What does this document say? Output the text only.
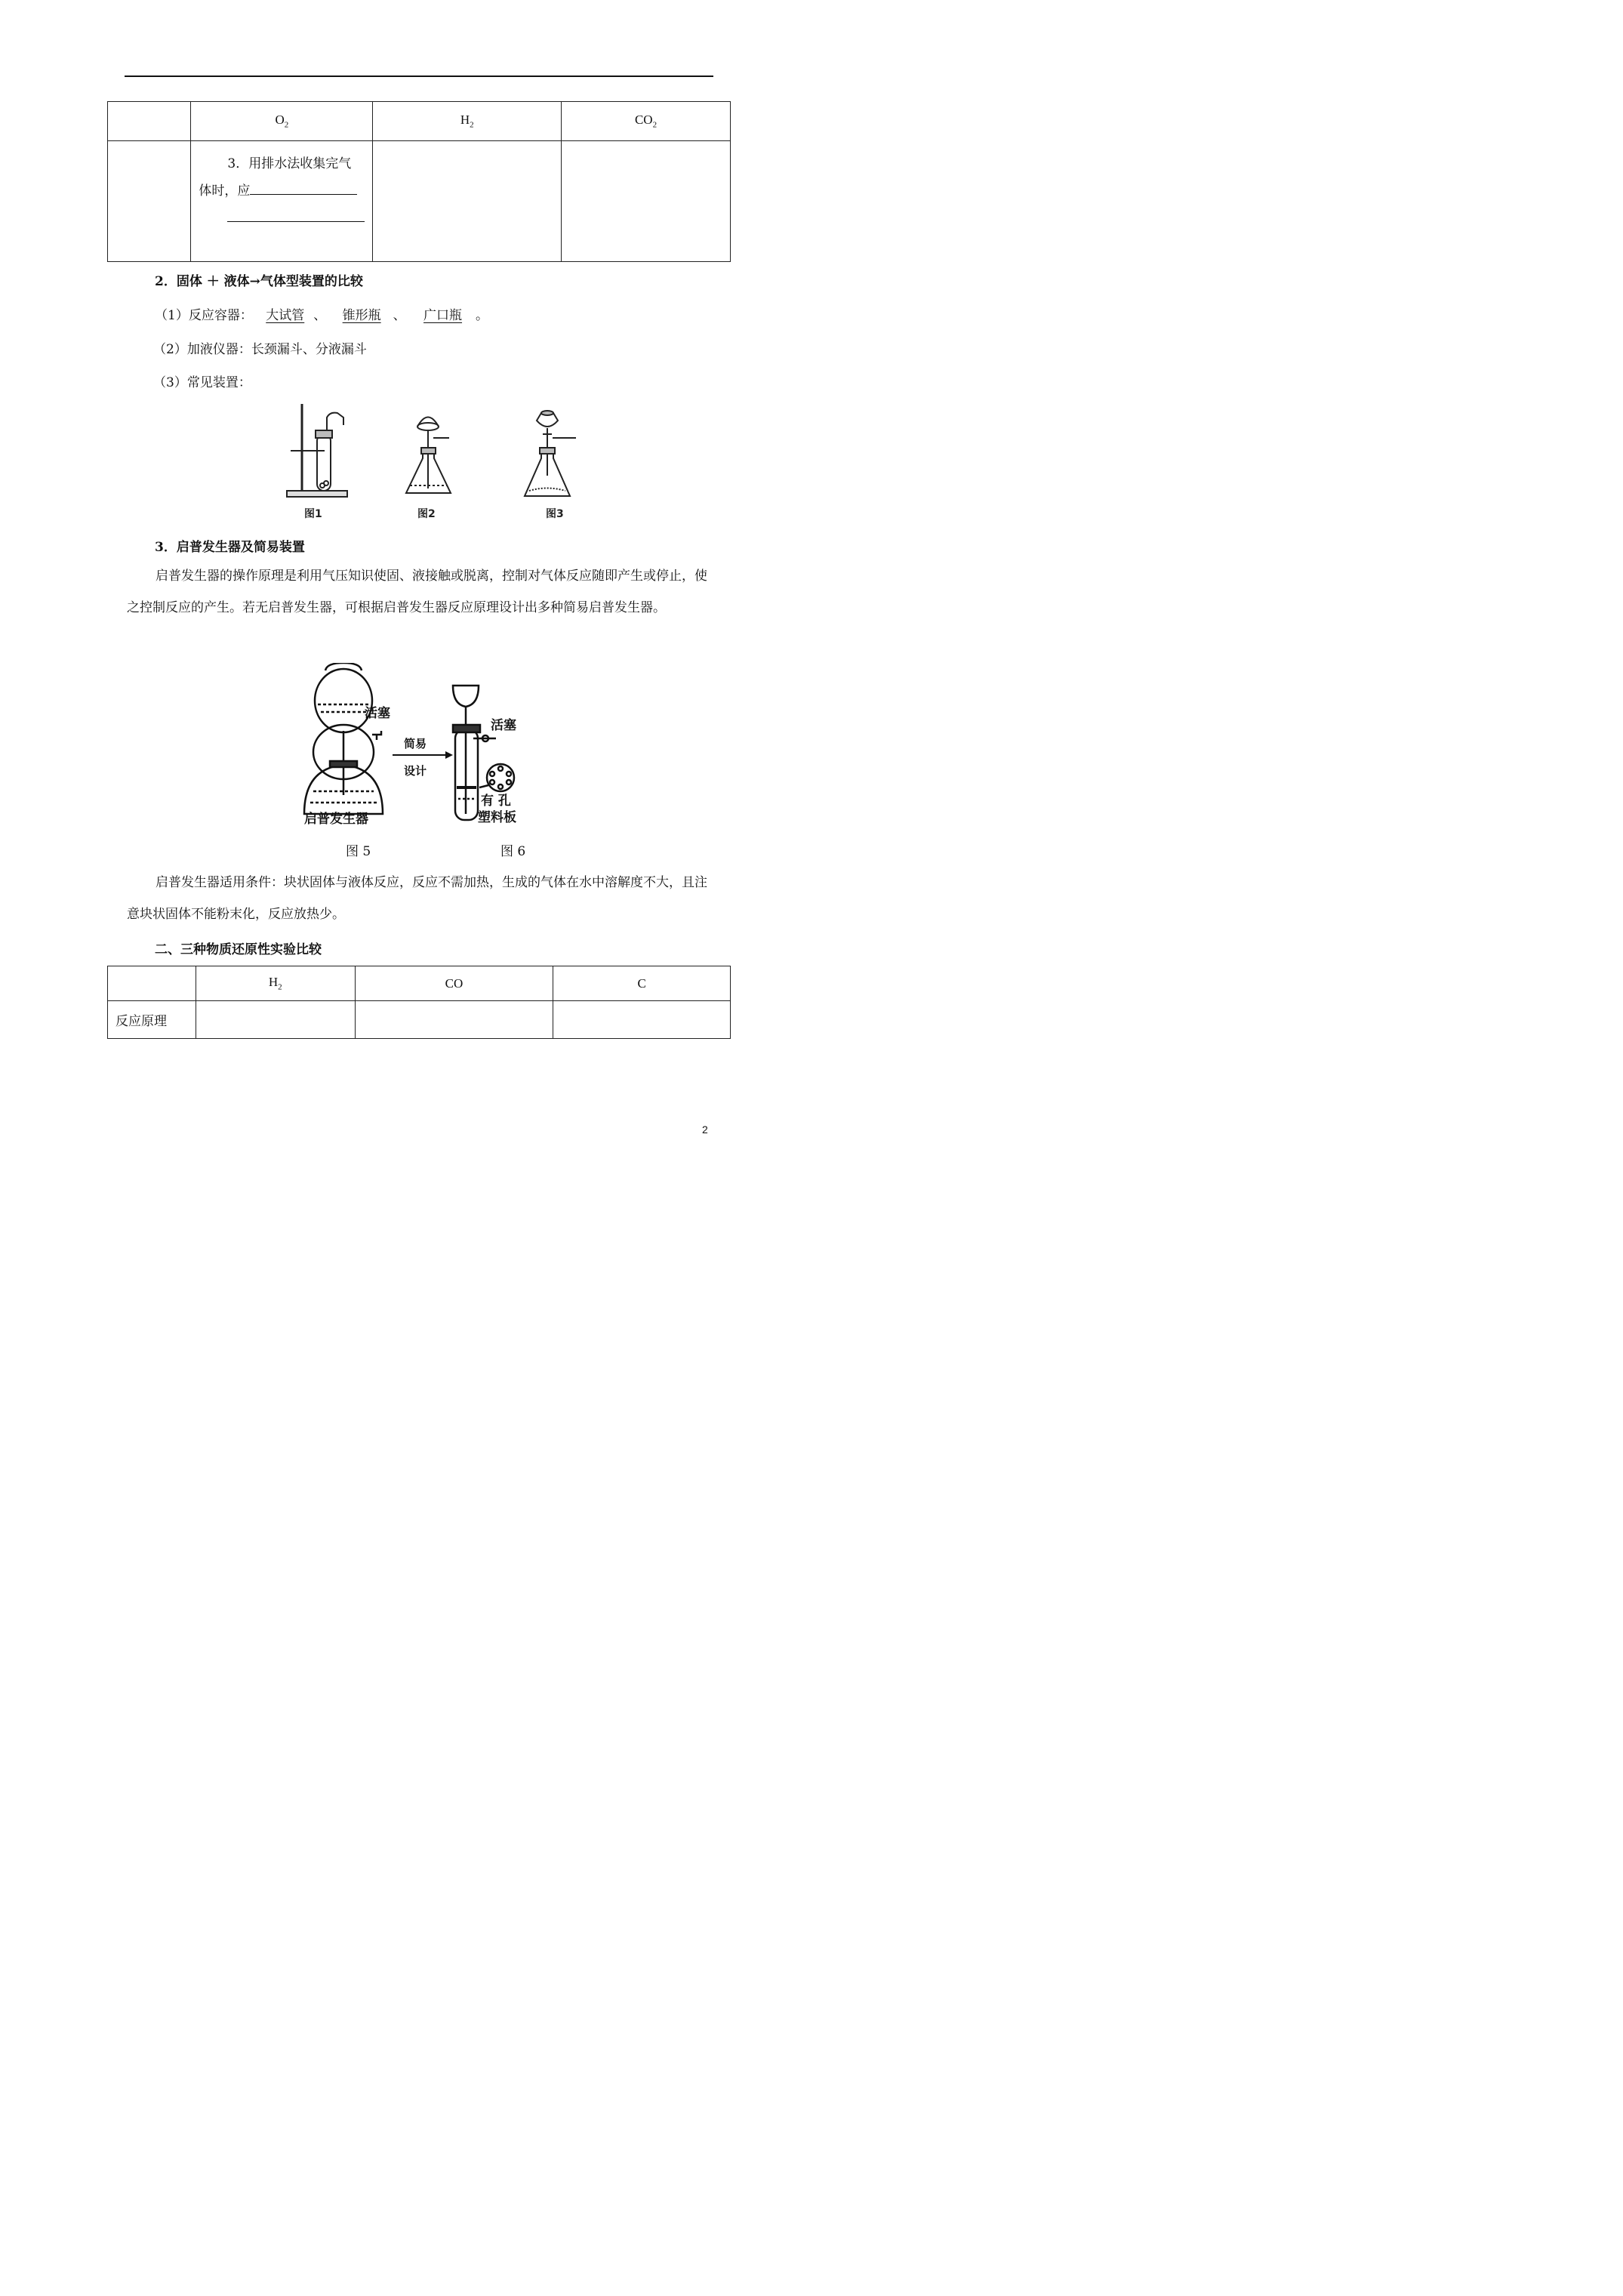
	$O_2$	$H_2$	$CO_2$

	3．用排水法收集完气
体时，应		

2．固体 ＋ 液体→气体型装置的比较
（1）反应容器： 大试管 、 锥形瓶 、 广口瓶 。
（2）加液仪器：长颈漏斗、分液漏斗
（3）常见装置：
图1	图2	图3
3．启普发生器及简易装置
启普发生器的操作原理是利用气压知识使固、液接触或脱离，控制对气体反应随即产生或停止，使之控制反应的产生。若无启普发生器，可根据启普发生器反应原理设计出多种简易启普发生器。
活塞
启普发生器
简易
设计
活塞
有 孔
塑料板
图 5	图 6
启普发生器适用条件：块状固体与液体反应，反应不需加热，生成的气体在水中溶解度不大，且注意块状固体不能粉末化，反应放热少。
二、三种物质还原性实验比较
	$H_2$	CO	C
反应原理			
2
